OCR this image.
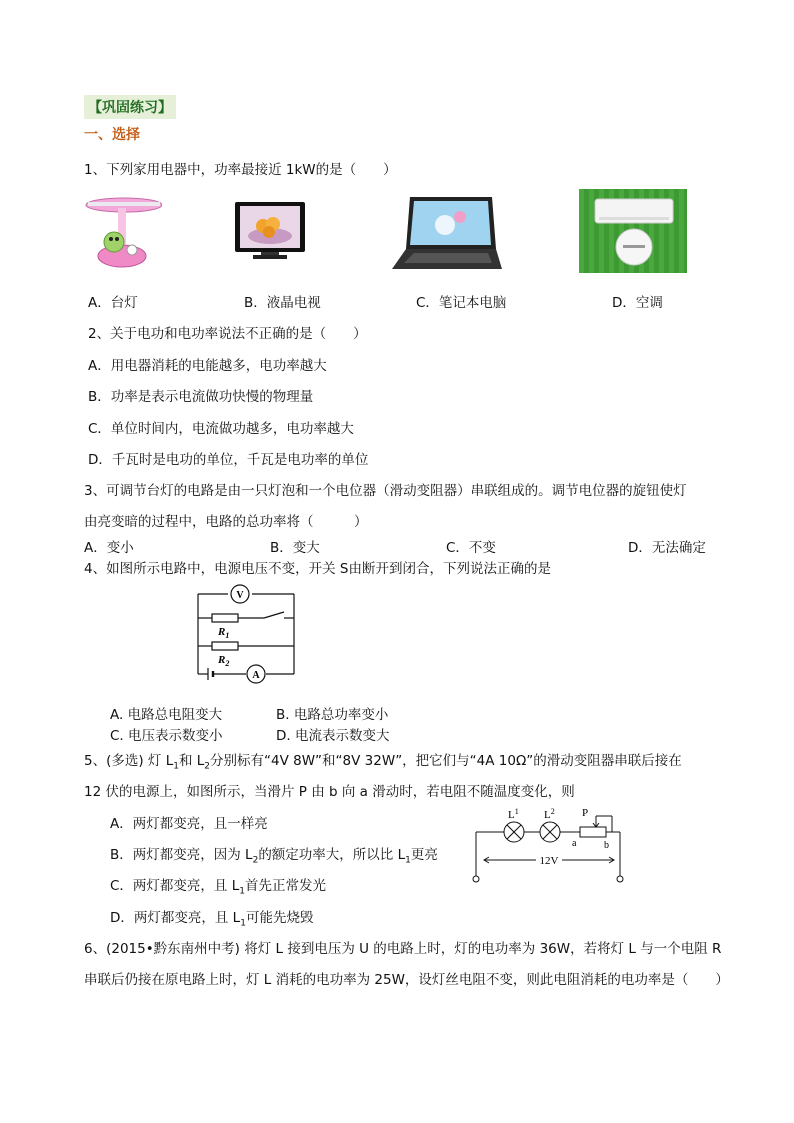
【巩固练习】
一、选择
1、下列家用电器中，功率最接近 1kW的是（　　）
A．台灯	B．液晶电视	C．笔记本电脑	D．空调
2、关于电功和电功率说法不正确的是（　　）
A．用电器消耗的电能越多，电功率越大
B．功率是表示电流做功快慢的物理量
C．单位时间内，电流做功越多，电功率越大
D．千瓦时是电功的单位，千瓦是电功率的单位
3、可调节台灯的电路是由一只灯泡和一个电位器（滑动变阻器）串联组成的。调节电位器的旋钮使灯
由亮变暗的过程中，电路的总功率将（　　　）
A．变小	B．变大	C．不变	D．无法确定
4、如图所示电路中，电源电压不变，开关 S由断开到闭合，下列说法正确的是
V
A
$R_1$
$R_2$
A. 电路总电阻变大	B. 电路总功率变小
C. 电压表示数变小	D. 电流表示数变大
5、(多选) 灯 $L_1$和 $L_2$分别标有“4V 8W”和“8V 32W”，把它们与“4A 10Ω”的滑动变阻器串联后接在
12 伏的电源上，如图所示，当滑片 P 由 b 向 a 滑动时，若电阻不随温度变化，则
A．两灯都变亮，且一样亮
B．两灯都变亮，因为 $L_2$的额定功率大，所以比 $L_1$更亮
C．两灯都变亮，且 $L_1$首先正常发光
D．两灯都变亮，且 $L_1$可能先烧毁
$L^1$ $L^2$ P
a	b
12V
6、(2015•黔东南州中考) 将灯 L 接到电压为 U 的电路上时，灯的电功率为 36W，若将灯 L 与一个电阻 R
串联后仍接在原电路上时，灯 L 消耗的电功率为 25W，设灯丝电阻不变，则此电阻消耗的电功率是（　　）
